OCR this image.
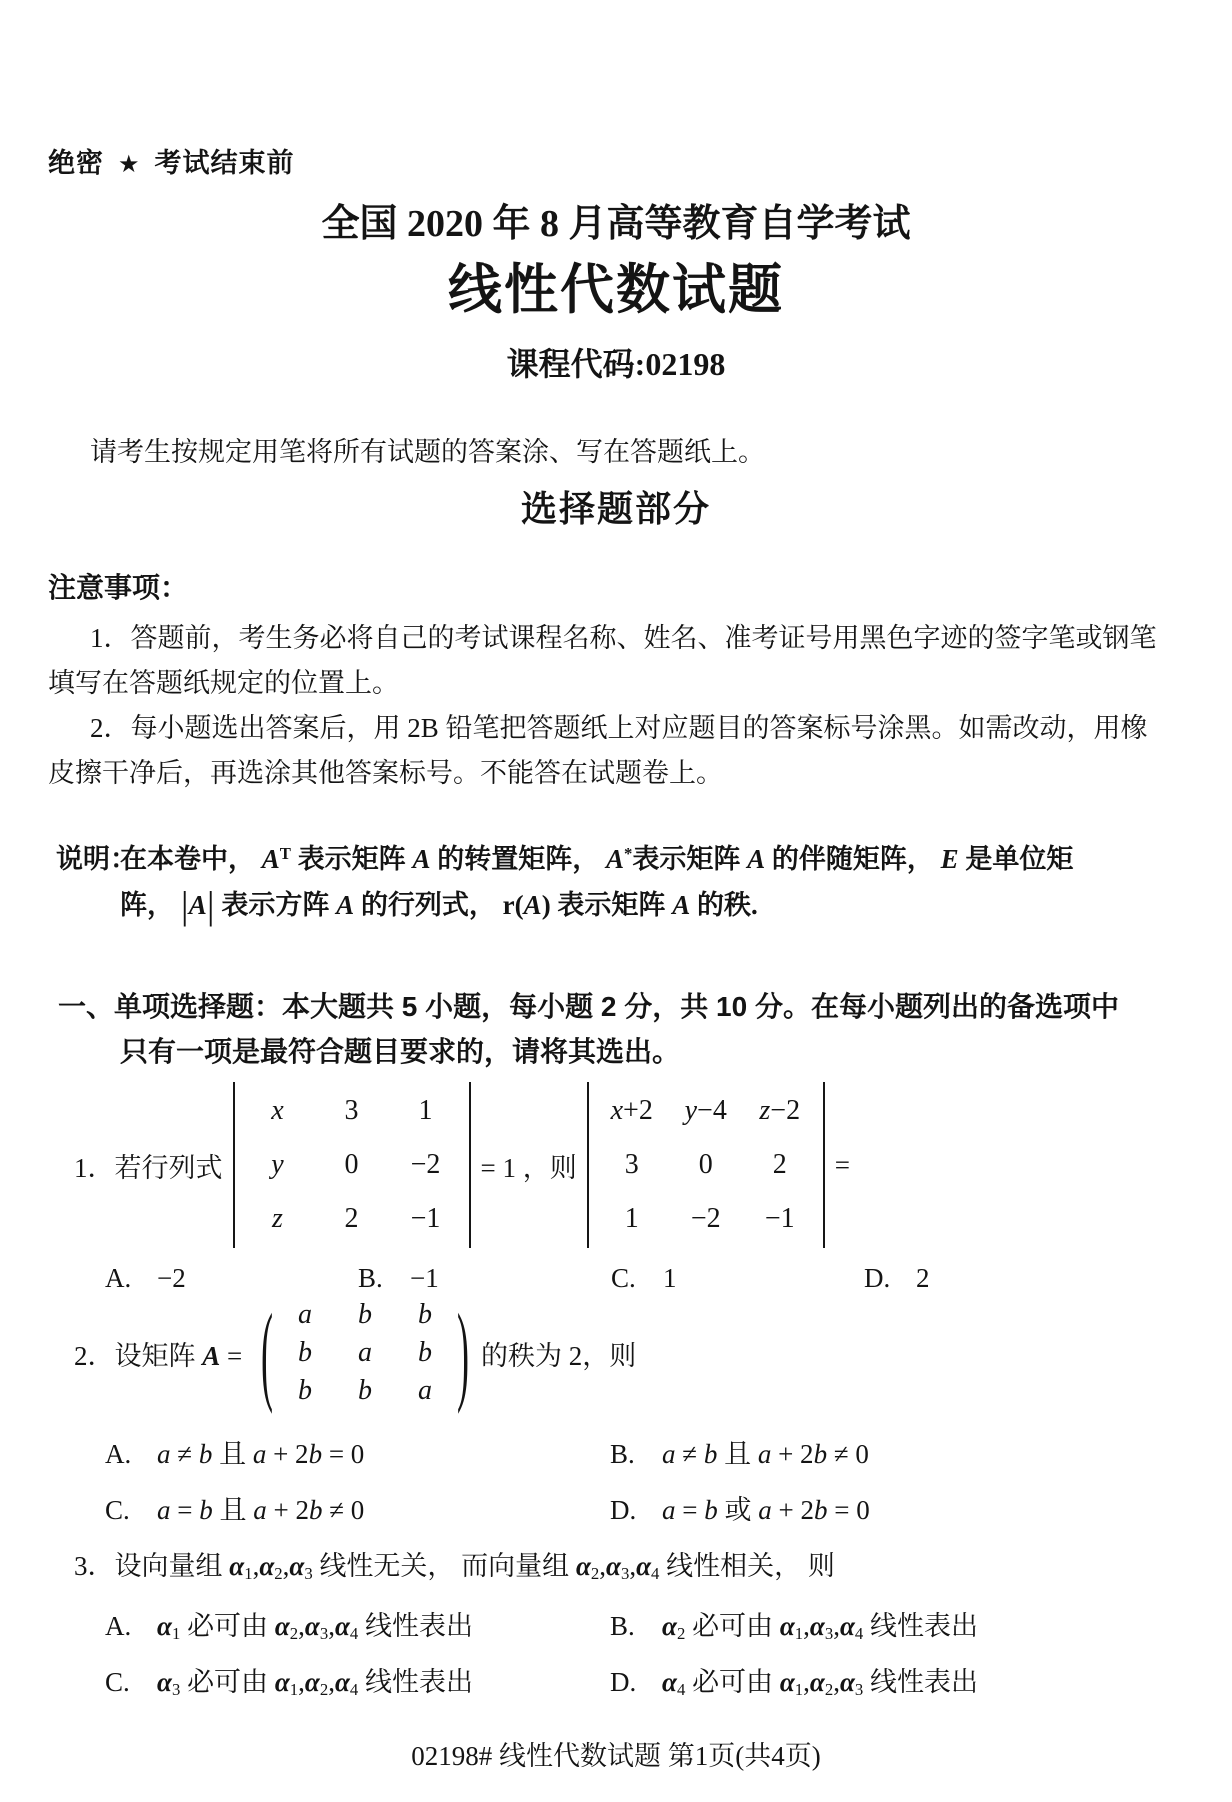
绝密 ★ 考试结束前
全国 2020 年 8 月高等教育自学考试
线性代数试题
课程代码:02198

请考生按规定用笔将所有试题的答案涂、写在答题纸上。

选择题部分
注意事项：

1．答题前，考生务必将自己的考试课程名称、姓名、准考证号用黑色字迹的签字笔或钢笔

填写在答题纸规定的位置上。

2．每小题选出答案后，用 2B 铅笔把答题纸上对应题目的答案标号涂黑。如需改动，用橡

皮擦干净后，再选涂其他答案标号。不能答在试题卷上。

说明：
在本卷中， $A^T$ 表示矩阵 A 的转置矩阵， A*表示矩阵 A 的伴随矩阵， E 是单位矩
阵， |A| 表示方阵 A 的行列式， r(A) 表示矩阵 A 的秩.
一、单项选择题：本大题共 5 小题，每小题 2 分，共 10 分。在每小题列出的备选项中
只有一项是最符合题目要求的，请将其选出。
1．若行列式
x 3 1
y 0 −2
z 2 −1
= 1 ，则
x +2 y −4 z −2
3 0 2
1 −2 −1
=
A. −2	B.	−1	C.	1	D. 2
2．设矩阵 A = ( a b b
b a b
b b a ) 的秩为 2，则
A. a ≠ b 且 a + 2b = 0	B.	a ≠ b 且 a + 2b ≠ 0
C.	a = b 且 a + 2b ≠ 0	D. a = b 或 a + 2b = 0
3．设向量组 α1,α2,α3 线性无关， 而向量组 α2,α3,α4 线性相关， 则
A. α1 必可由 α2,α3,α4 线性表出	B.	α2 必可由 α1,α3,α4 线性表出
C.	α3 必可由 α1,α2,α4 线性表出	D. α4 必可由 α1,α2,α3 线性表出
02198# 线性代数试题 第1页(共4页)
